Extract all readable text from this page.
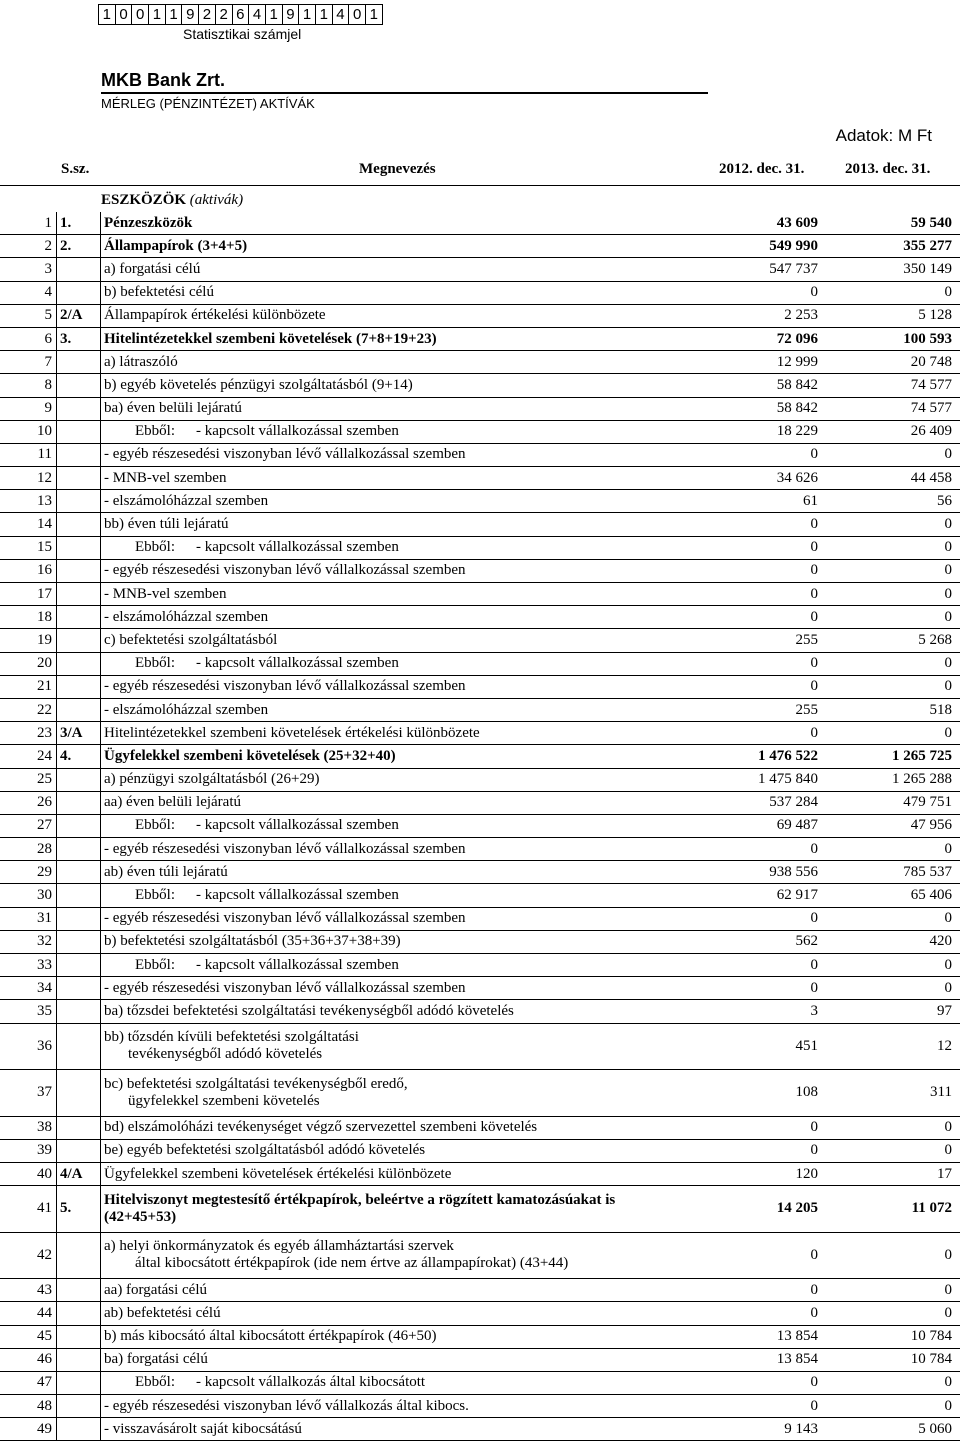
1 0 0 1 1 9 2 2 6 4 1 9 1 1 4 0 1
Statisztikai számjel
MKB Bank Zrt.
MÉRLEG (PÉNZINTÉZET) AKTÍVÁK
Adatok: M Ft
S.sz.	Megnevezés	2012. dec. 31.	2013. dec. 31.
ESZKÖZÖK (aktivák)
1	1.	Pénzeszközök	43 609	59 540
2	2.	Állampapírok (3+4+5)	549 990	355 277
3		a) forgatási célú	547 737	350 149
4		b) befektetési célú	0	0
5	2/A	Állampapírok értékelési különbözete	2 253	5 128
6	3.	Hitelintézetekkel szembeni követelések (7+8+19+23)	72 096	100 593
7		a) látraszóló	12 999	20 748
8		b) egyéb követelés pénzügyi szolgáltatásból (9+14)	58 842	74 577
9		ba) éven belüli lejáratú	58 842	74 577
10		Ebből: - kapcsolt vállalkozással szemben	18 229	26 409
11		- egyéb részesedési viszonyban lévő vállalkozással szemben	0	0
12		- MNB-vel szemben	34 626	44 458
13		- elszámolóházzal szemben	61	56
14		bb) éven túli lejáratú	0	0
15		Ebből: - kapcsolt vállalkozással szemben	0	0
16		- egyéb részesedési viszonyban lévő vállalkozással szemben	0	0
17		- MNB-vel szemben	0	0
18		- elszámolóházzal szemben	0	0
19		c) befektetési szolgáltatásból	255	5 268
20		Ebből: - kapcsolt vállalkozással szemben	0	0
21		- egyéb részesedési viszonyban lévő vállalkozással szemben	0	0
22		- elszámolóházzal szemben	255	518
23	3/A	Hitelintézetekkel szembeni követelések értékelési különbözete	0	0
24	4.	Ügyfelekkel szembeni követelések (25+32+40)	1 476 522	1 265 725
25		a) pénzügyi szolgáltatásból (26+29)	1 475 840	1 265 288
26		aa) éven belüli lejáratú	537 284	479 751
27		Ebből: - kapcsolt vállalkozással szemben	69 487	47 956
28		- egyéb részesedési viszonyban lévő vállalkozással szemben	0	0
29		ab) éven túli lejáratú	938 556	785 537
30		Ebből: - kapcsolt vállalkozással szemben	62 917	65 406
31		- egyéb részesedési viszonyban lévő vállalkozással szemben	0	0
32		b) befektetési szolgáltatásból (35+36+37+38+39)	562	420
33		Ebből: - kapcsolt vállalkozással szemben	0	0
34		- egyéb részesedési viszonyban lévő vállalkozással szemben	0	0
35		ba) tőzsdei befektetési szolgáltatási tevékenységből adódó követelés	3	97
36		bb) tőzsdén kívüli befektetési szolgáltatási
tevékenységből adódó követelés	451	12
37		bc) befektetési szolgáltatási tevékenységből eredő,
ügyfelekkel szembeni követelés	108	311
38		bd) elszámolóházi tevékenységet végző szervezettel szembeni követelés	0	0
39		be) egyéb befektetési szolgáltatásból adódó követelés	0	0
40	4/A	Ügyfelekkel szembeni követelések értékelési különbözete	120	17
41	5.	Hitelviszonyt megtestesítő értékpapírok, beleértve a rögzített kamatozásúakat is
(42+45+53)	14 205	11 072
42		a) helyi önkormányzatok és egyéb államháztartási szervek
által kibocsátott értékpapírok (ide nem értve az állampapírokat) (43+44)	0	0
43		aa) forgatási célú	0	0
44		ab) befektetési célú	0	0
45		b) más kibocsátó által kibocsátott értékpapírok (46+50)	13 854	10 784
46		ba) forgatási célú	13 854	10 784
47		Ebből: - kapcsolt vállalkozás által kibocsátott	0	0
48		- egyéb részesedési viszonyban lévő vállalkozás által kibocs.	0	0
49		- visszavásárolt saját kibocsátású	9 143	5 060
